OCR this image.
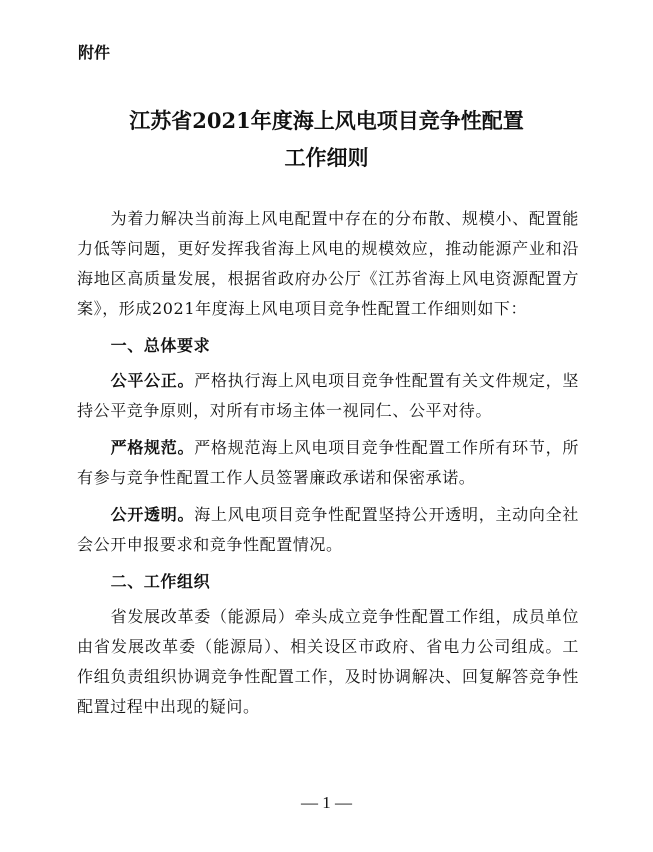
附件
江苏省2021年度海上风电项目竞争性配置
工作细则

为着力解决当前海上风电配置中存在的分布散、规模小、配置能力低等问题，更好发挥我省海上风电的规模效应，推动能源产业和沿海地区高质量发展，根据省政府办公厅《江苏省海上风电资源配置方案》，形成2021年度海上风电项目竞争性配置工作细则如下：

一、总体要求

公平公正。严格执行海上风电项目竞争性配置有关文件规定，坚持公平竞争原则，对所有市场主体一视同仁、公平对待。

严格规范。严格规范海上风电项目竞争性配置工作所有环节，所有参与竞争性配置工作人员签署廉政承诺和保密承诺。

公开透明。海上风电项目竞争性配置坚持公开透明，主动向全社会公开申报要求和竞争性配置情况。

二、工作组织

省发展改革委（能源局）牵头成立竞争性配置工作组，成员单位由省发展改革委（能源局）、相关设区市政府、省电力公司组成。工作组负责组织协调竞争性配置工作，及时协调解决、回复解答竞争性配置过程中出现的疑问。

— 1 —
